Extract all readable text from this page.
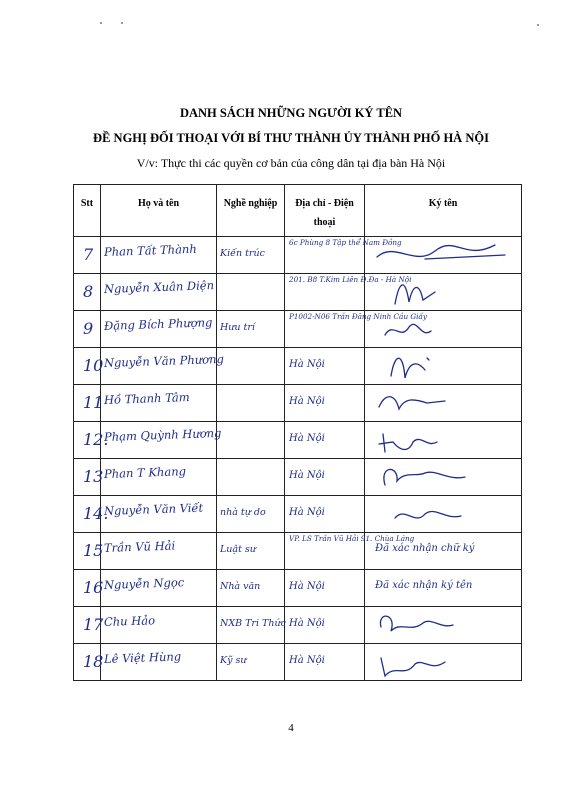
DANH SÁCH NHỮNG NGƯỜI KÝ TÊN
ĐỀ NGHỊ ĐỐI THOẠI VỚI BÍ THƯ THÀNH ỦY THÀNH PHỐ HÀ NỘI
V/v: Thực thi các quyền cơ bản của công dân tại địa bàn Hà Nội
Stt	Họ và tên	Nghề nghiệp	Địa chỉ - Điện thoại	Ký tên

7	Phan Tất Thành	Kiến trúc	6c Phùng 8 Tập thể Nam Đồng

8	Nguyễn Xuân Diện		201. B8 T.Kim Liên Đ.Đa - Hà Nội

9	Đặng Bích Phượng	Hưu trí	P1002-N06 Trần Đăng Ninh Cầu Giấy

10	Nguyễn Văn Phương		Hà Nội

11	Hồ Thanh Tâm		Hà Nội

12.	Phạm Quỳnh Hương		Hà Nội

13	Phan T Khang		Hà Nội

14.	Nguyễn Văn Viết	nhà tự do	Hà Nội

15	Trần Vũ Hải	Luật sư	VP. LS Trần Vũ Hải 91. Chùa Láng	Đã xác nhận chữ ký

16	Nguyễn Ngọc	Nhà văn	Hà Nội	Đã xác nhận ký tên

17	Chu Hảo	NXB Tri Thức	Hà Nội

18	Lê Việt Hùng	Kỹ sư	Hà Nội

4
